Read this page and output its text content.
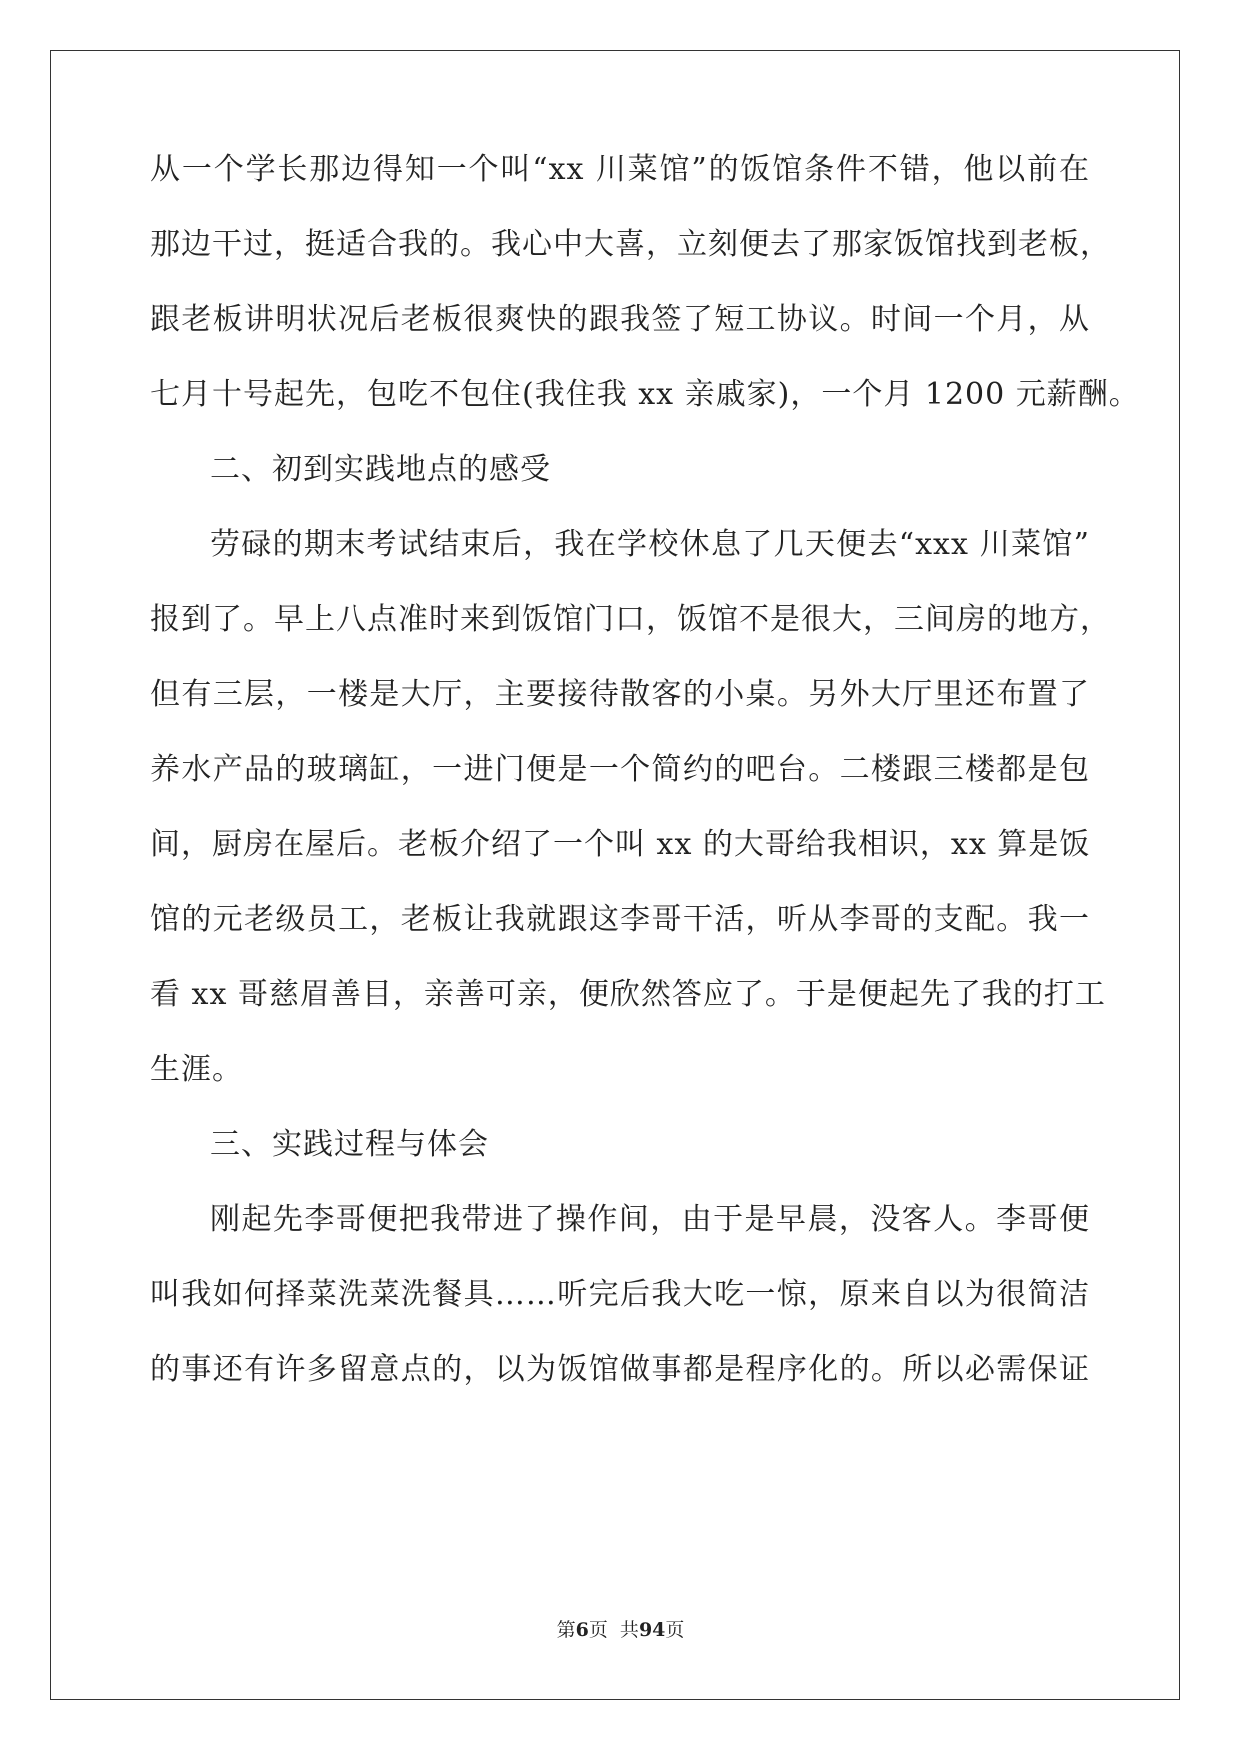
从一个学长那边得知一个叫“xx 川菜馆”的饭馆条件不错，他以前在
那边干过，挺适合我的。我心中大喜，立刻便去了那家饭馆找到老板，
跟老板讲明状况后老板很爽快的跟我签了短工协议。时间一个月，从
七月十号起先，包吃不包住(我住我 xx 亲戚家)，一个月 1200 元薪酬。
二、初到实践地点的感受
劳碌的期末考试结束后，我在学校休息了几天便去“xxx 川菜馆”
报到了。早上八点准时来到饭馆门口，饭馆不是很大，三间房的地方，
但有三层，一楼是大厅，主要接待散客的小桌。另外大厅里还布置了
养水产品的玻璃缸，一进门便是一个简约的吧台。二楼跟三楼都是包
间，厨房在屋后。老板介绍了一个叫 xx 的大哥给我相识，xx 算是饭
馆的元老级员工，老板让我就跟这李哥干活，听从李哥的支配。我一
看 xx 哥慈眉善目，亲善可亲，便欣然答应了。于是便起先了我的打工
生涯。
三、实践过程与体会
刚起先李哥便把我带进了操作间，由于是早晨，没客人。李哥便
叫我如何择菜洗菜洗餐具……听完后我大吃一惊，原来自以为很简洁
的事还有许多留意点的，以为饭馆做事都是程序化的。所以必需保证
第6页  共94页
